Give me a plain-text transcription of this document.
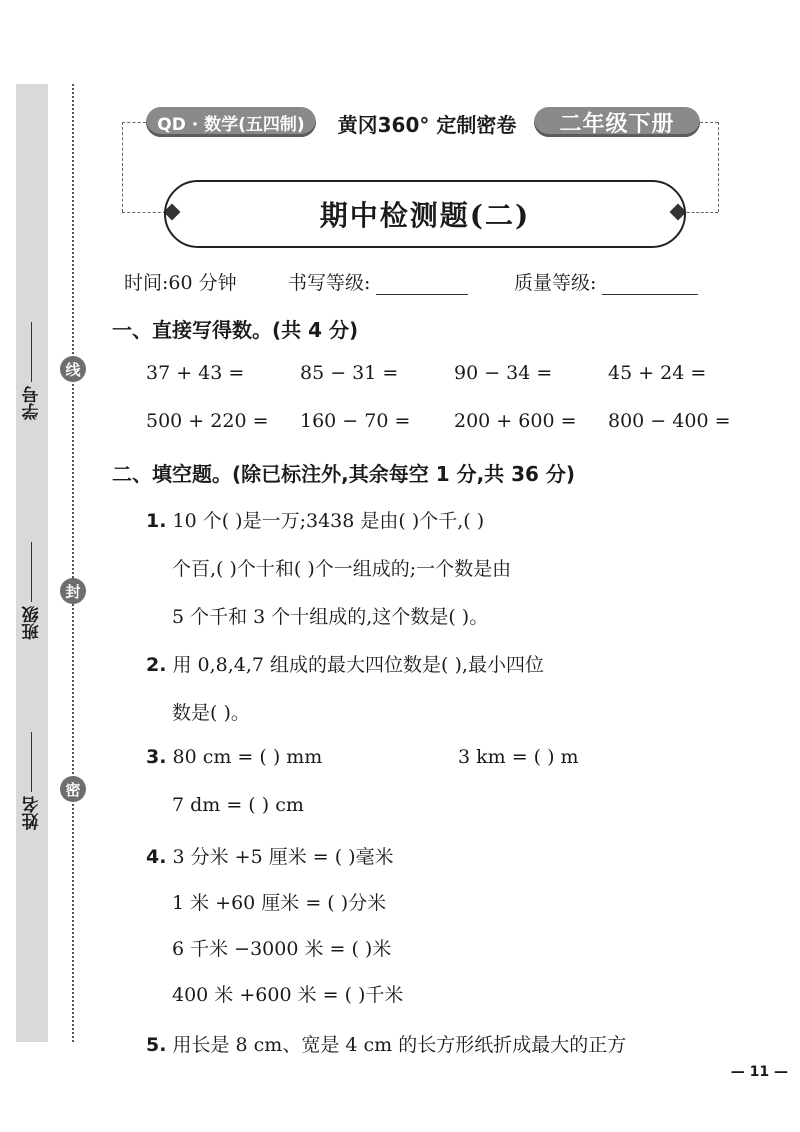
学号
班级
姓名
线
封
密
QD · 数学(五四制)	黄冈360° 定制密卷	二年级下册
期中检测题(二)
时间:60 分钟	书写等级:	质量等级:
一、直接写得数。(共 4 分)
37 + 43 =	85 − 31 =	90 − 34 =	45 + 24 =
500 + 220 = 160 − 70 = 200 + 600 = 800 − 400 =
二、填空题。(除已标注外,其余每空 1 分,共 36 分)
1. 10 个( )是一万;3438 是由( )个千,( )
个百,( )个十和( )个一组成的;一个数是由
5 个千和 3 个十组成的,这个数是( )。
2. 用 0,8,4,7 组成的最大四位数是( ),最小四位
数是( )。
3. 80 cm = ( ) mm	3 km = ( ) m
7 dm = ( ) cm
4. 3 分米 +5 厘米 = ( )毫米
1 米 +60 厘米 = ( )分米
6 千米 −3000 米 = ( )米
400 米 +600 米 = ( )千米
5. 用长是 8 cm、宽是 4 cm 的长方形纸折成最大的正方
— 11 —
